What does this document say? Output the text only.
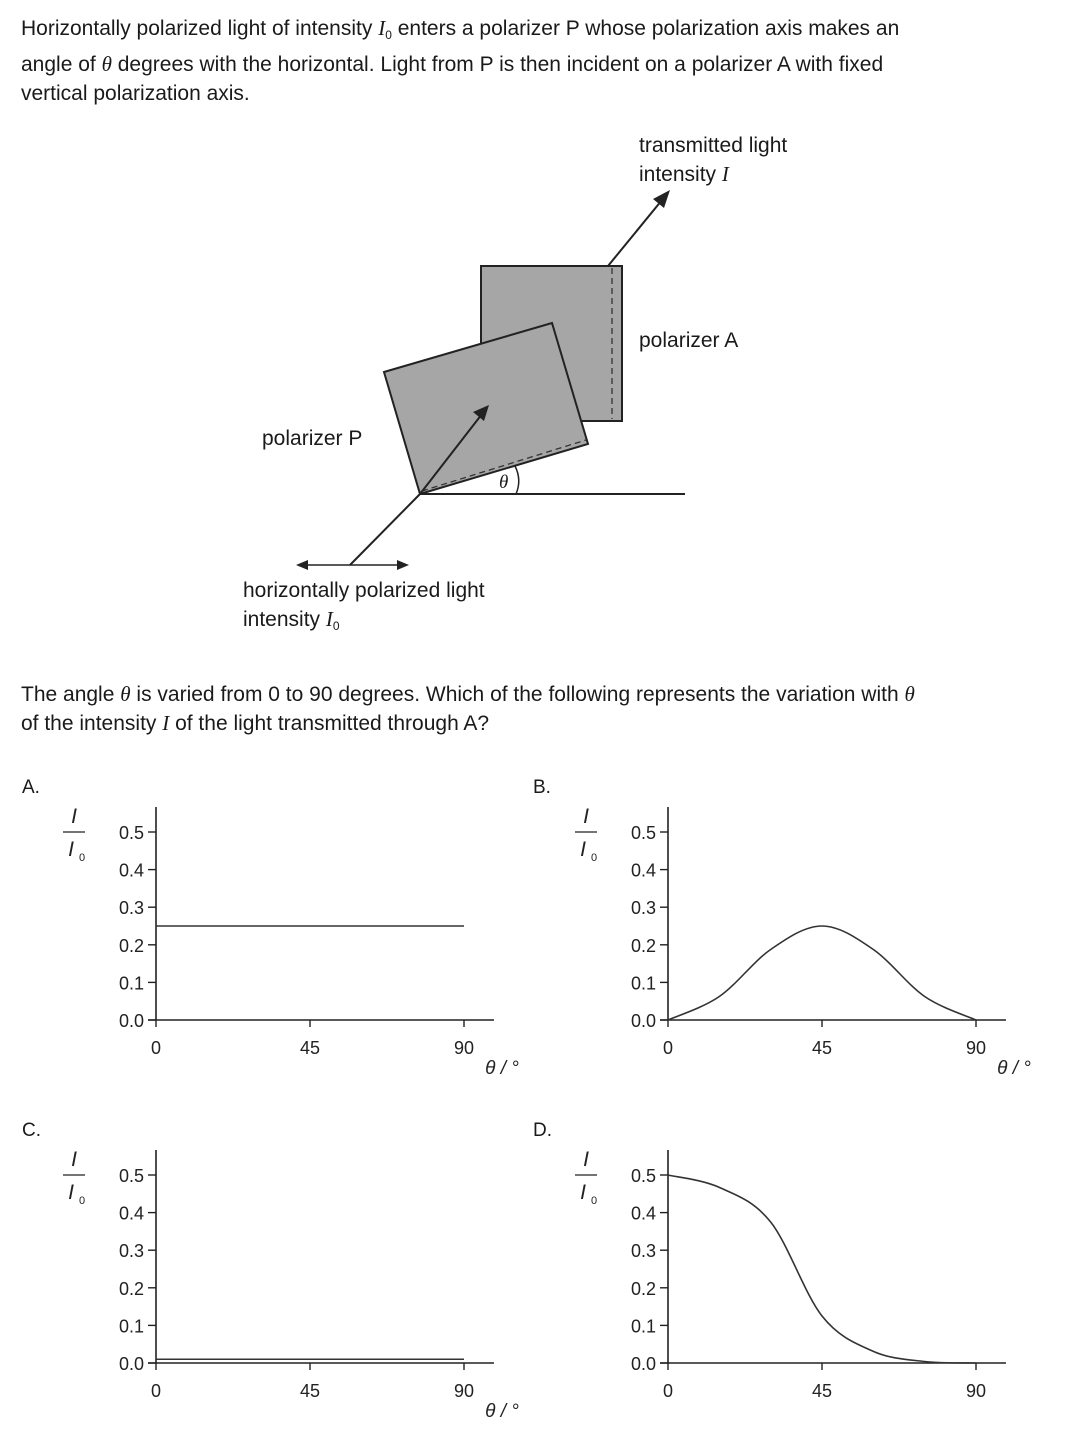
Horizontally polarized light of intensity $I_0$ enters a polarizer P whose polarization axis makes an
angle of θ degrees with the horizontal. Light from P is then incident on a polarizer A with fixed
vertical polarization axis.
transmitted light
intensity I
polarizer A
polarizer P
θ
horizontally polarized light
intensity $I_0$
The angle θ is varied from 0 to 90 degrees. Which of the following represents the variation with θ
of the intensity I of the light transmitted through A?
A.	B.
C.	D.
0.0
0.1
0.2
0.3
0.4
0.5
0	45	90
I
I 0
θ / °
0.0
0.1
0.2
0.3
0.4
0.5
0	45	90
I
I 0
θ / °
0.0
0.1
0.2
0.3
0.4
0.5
0	45	90
I
I 0
θ / °
0.0
0.1
0.2
0.3
0.4
0.5
0	45	90
I
I 0
